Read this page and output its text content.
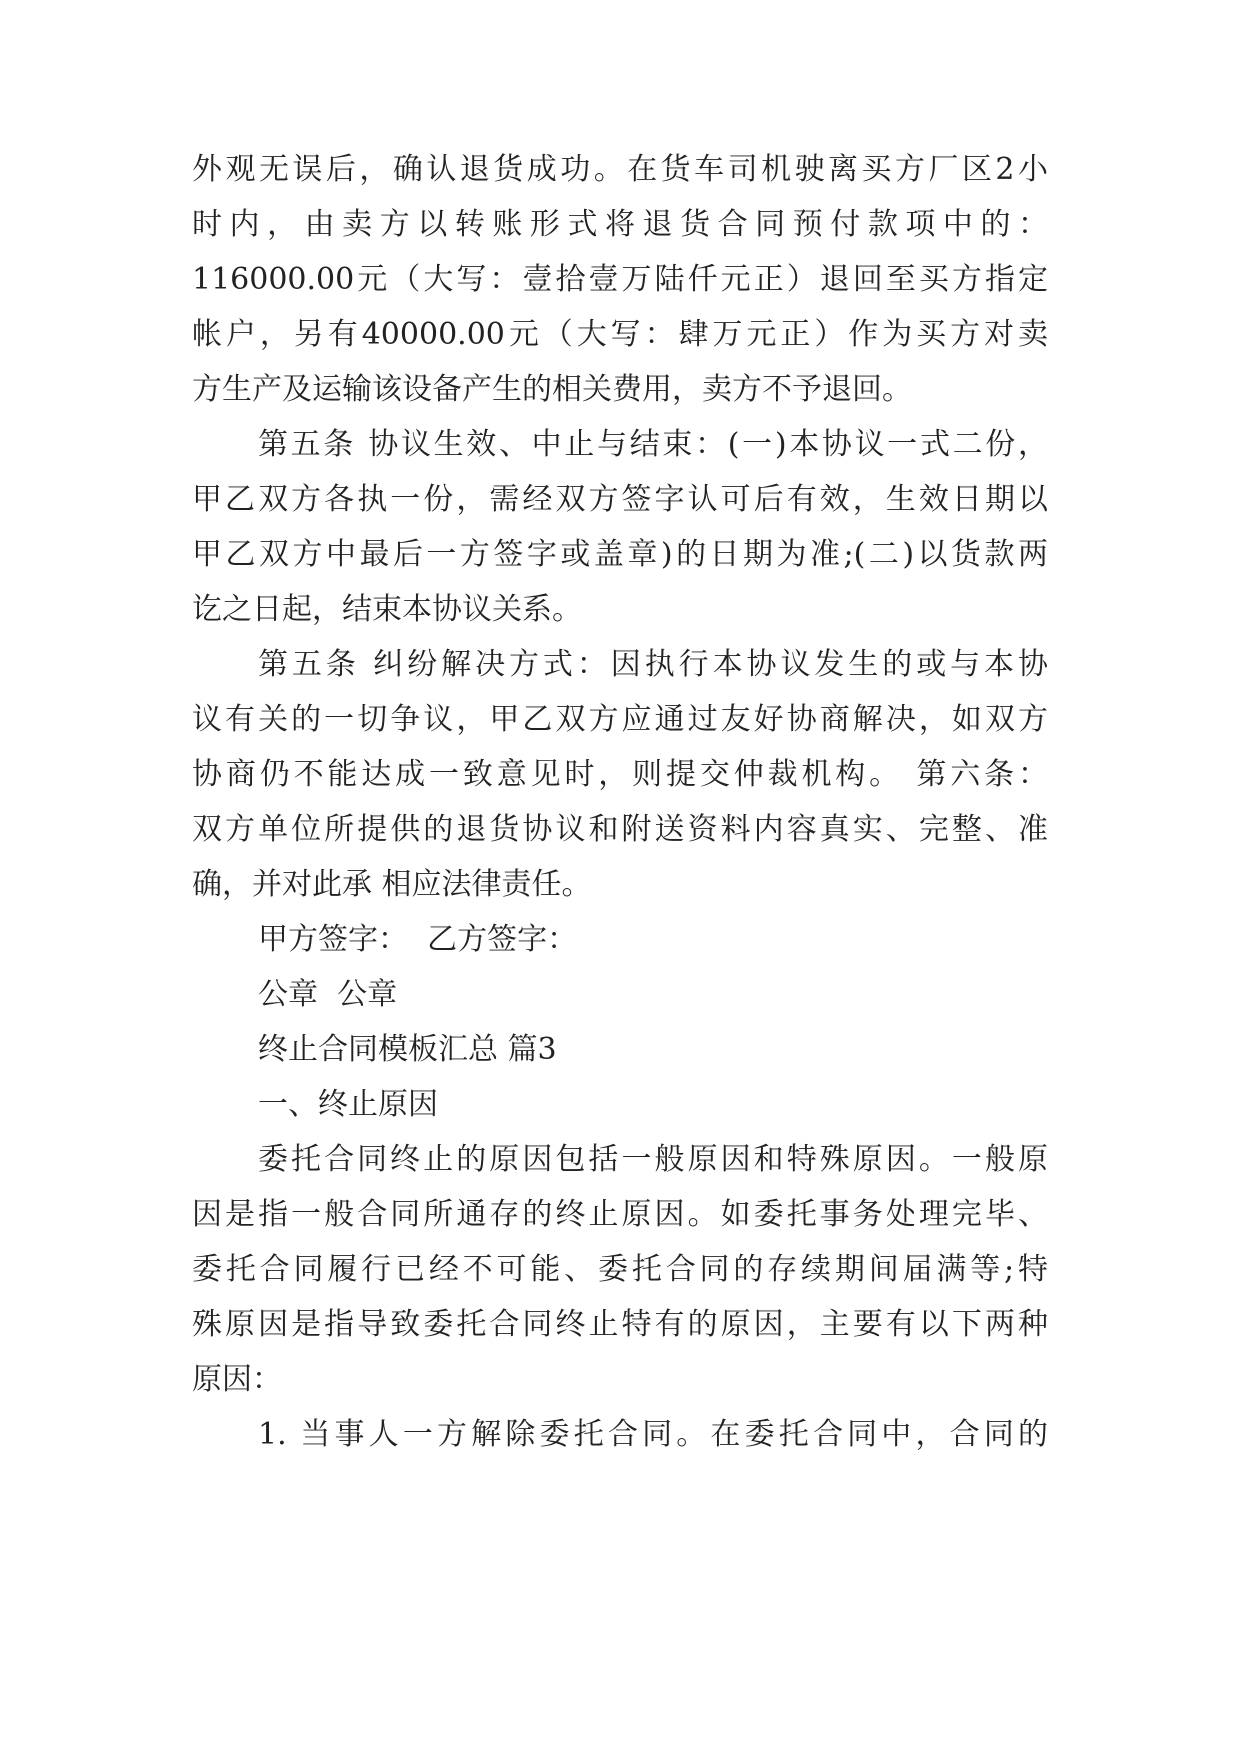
外观无误后，确认退货成功。在货车司机驶离买方厂区2小
时内，由卖方以转账形式将退货合同预付款项中的：
116000.00元（大写：壹拾壹万陆仟元正）退回至买方指定
帐户，另有40000.00元（大写：肆万元正）作为买方对卖
方生产及运输该设备产生的相关费用，卖方不予退回。
第五条 协议生效、中止与结束：(一)本协议一式二份，
甲乙双方各执一份，需经双方签字认可后有效，生效日期以
甲乙双方中最后一方签字或盖章)的日期为准;(二)以货款两
讫之日起，结束本协议关系。
第五条 纠纷解决方式：因执行本协议发生的或与本协
议有关的一切争议，甲乙双方应通过友好协商解决，如双方
协商仍不能达成一致意见时，则提交仲裁机构。 第六条：
双方单位所提供的退货协议和附送资料内容真实、完整、准
确，并对此承 相应法律责任。
甲方签字：  乙方签字：
公章  公章
终止合同模板汇总 篇3
一、终止原因
委托合同终止的原因包括一般原因和特殊原因。一般原
因是指一般合同所通存的终止原因。如委托事务处理完毕、
委托合同履行已经不可能、委托合同的存续期间届满等;特
殊原因是指导致委托合同终止特有的原因，主要有以下两种
原因：
1. 当事人一方解除委托合同。在委托合同中，合同的
